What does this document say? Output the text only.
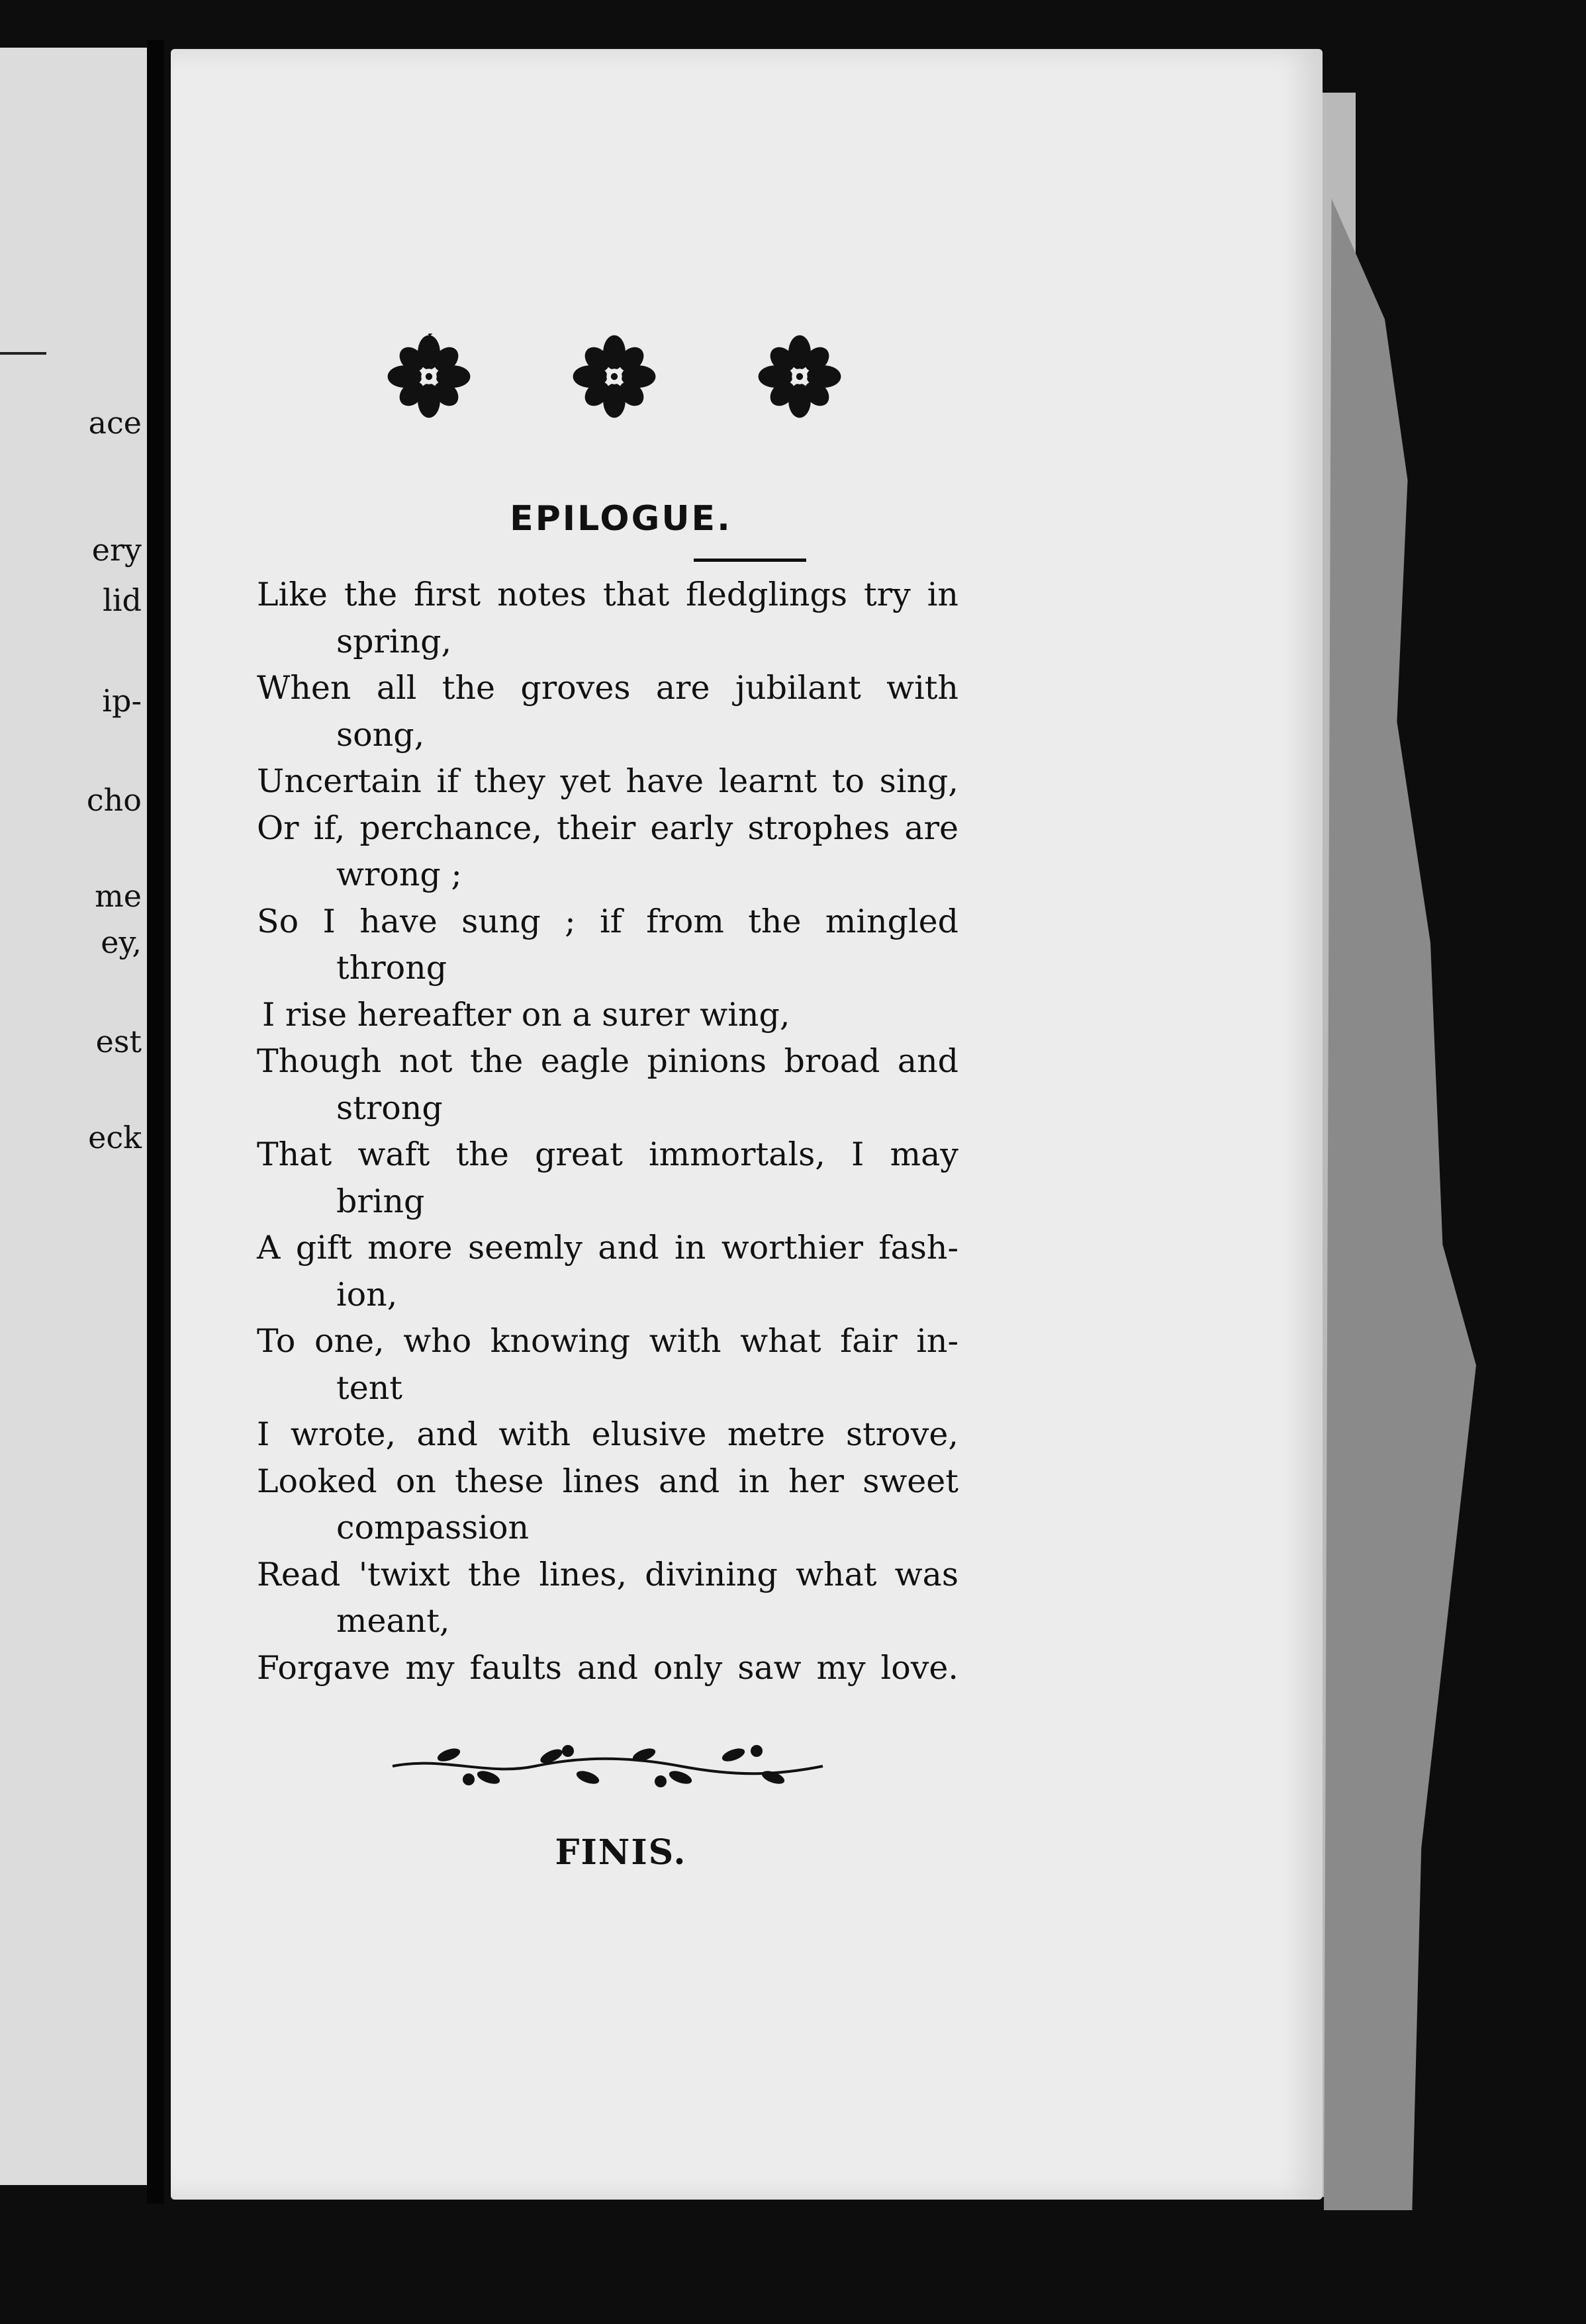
ace
ery
lid
ip-
cho
me
ey,
est
eck
EPILOGUE.
Like the first notes that fledglings try in
spring,
When all the groves are jubilant with
song,
Uncertain if they yet have learnt to sing,
Or if, perchance, their early strophes are
wrong ;
So I have sung ; if from the mingled
throng
I rise hereafter on a surer wing,
Though not the eagle pinions broad and
strong
That waft the great immortals, I may
bring
A gift more seemly and in worthier fash-
ion,
To one, who knowing with what fair in-
tent
I wrote, and with elusive metre strove,
Looked on these lines and in her sweet
compassion
Read 'twixt the lines, divining what was
meant,
Forgave my faults and only saw my love.
FINIS.
